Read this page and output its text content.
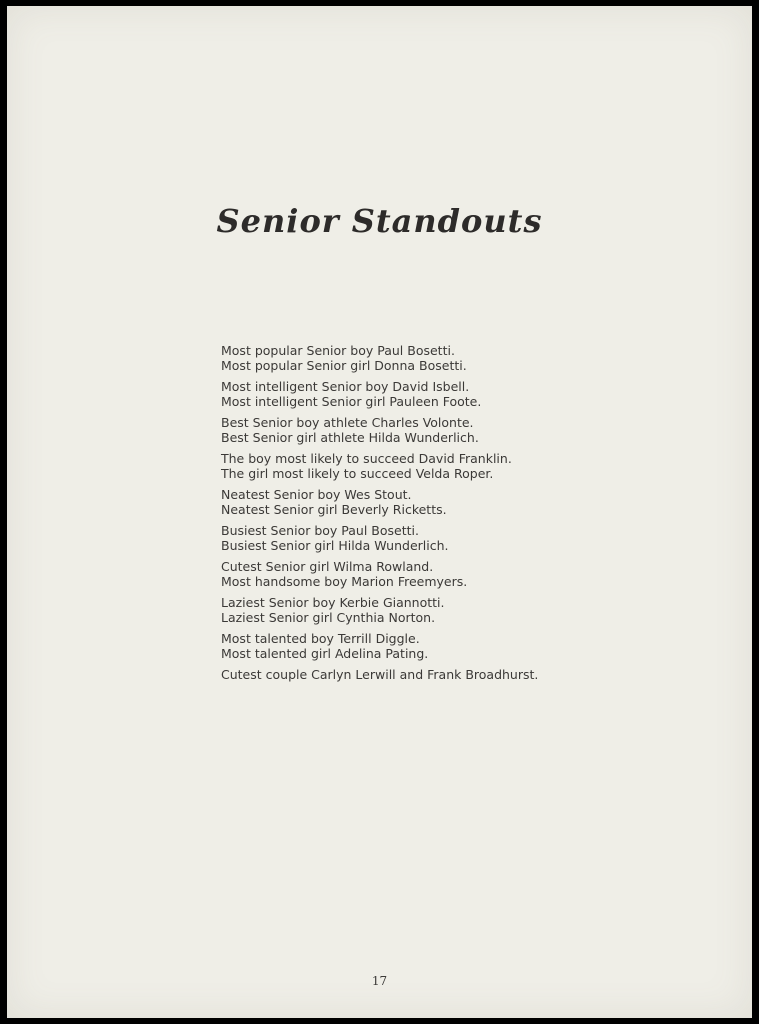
Senior Standouts
Most popular Senior boy Paul Bosetti.
Most popular Senior girl Donna Bosetti.
Most intelligent Senior boy David Isbell.
Most intelligent Senior girl Pauleen Foote.
Best Senior boy athlete Charles Volonte.
Best Senior girl athlete Hilda Wunderlich.
The boy most likely to succeed David Franklin.
The girl most likely to succeed Velda Roper.
Neatest Senior boy Wes Stout.
Neatest Senior girl Beverly Ricketts.
Busiest Senior boy Paul Bosetti.
Busiest Senior girl Hilda Wunderlich.
Cutest Senior girl Wilma Rowland.
Most handsome boy Marion Freemyers.
Laziest Senior boy Kerbie Giannotti.
Laziest Senior girl Cynthia Norton.
Most talented boy Terrill Diggle.
Most talented girl Adelina Pating.
Cutest couple Carlyn Lerwill and Frank Broadhurst.
17
